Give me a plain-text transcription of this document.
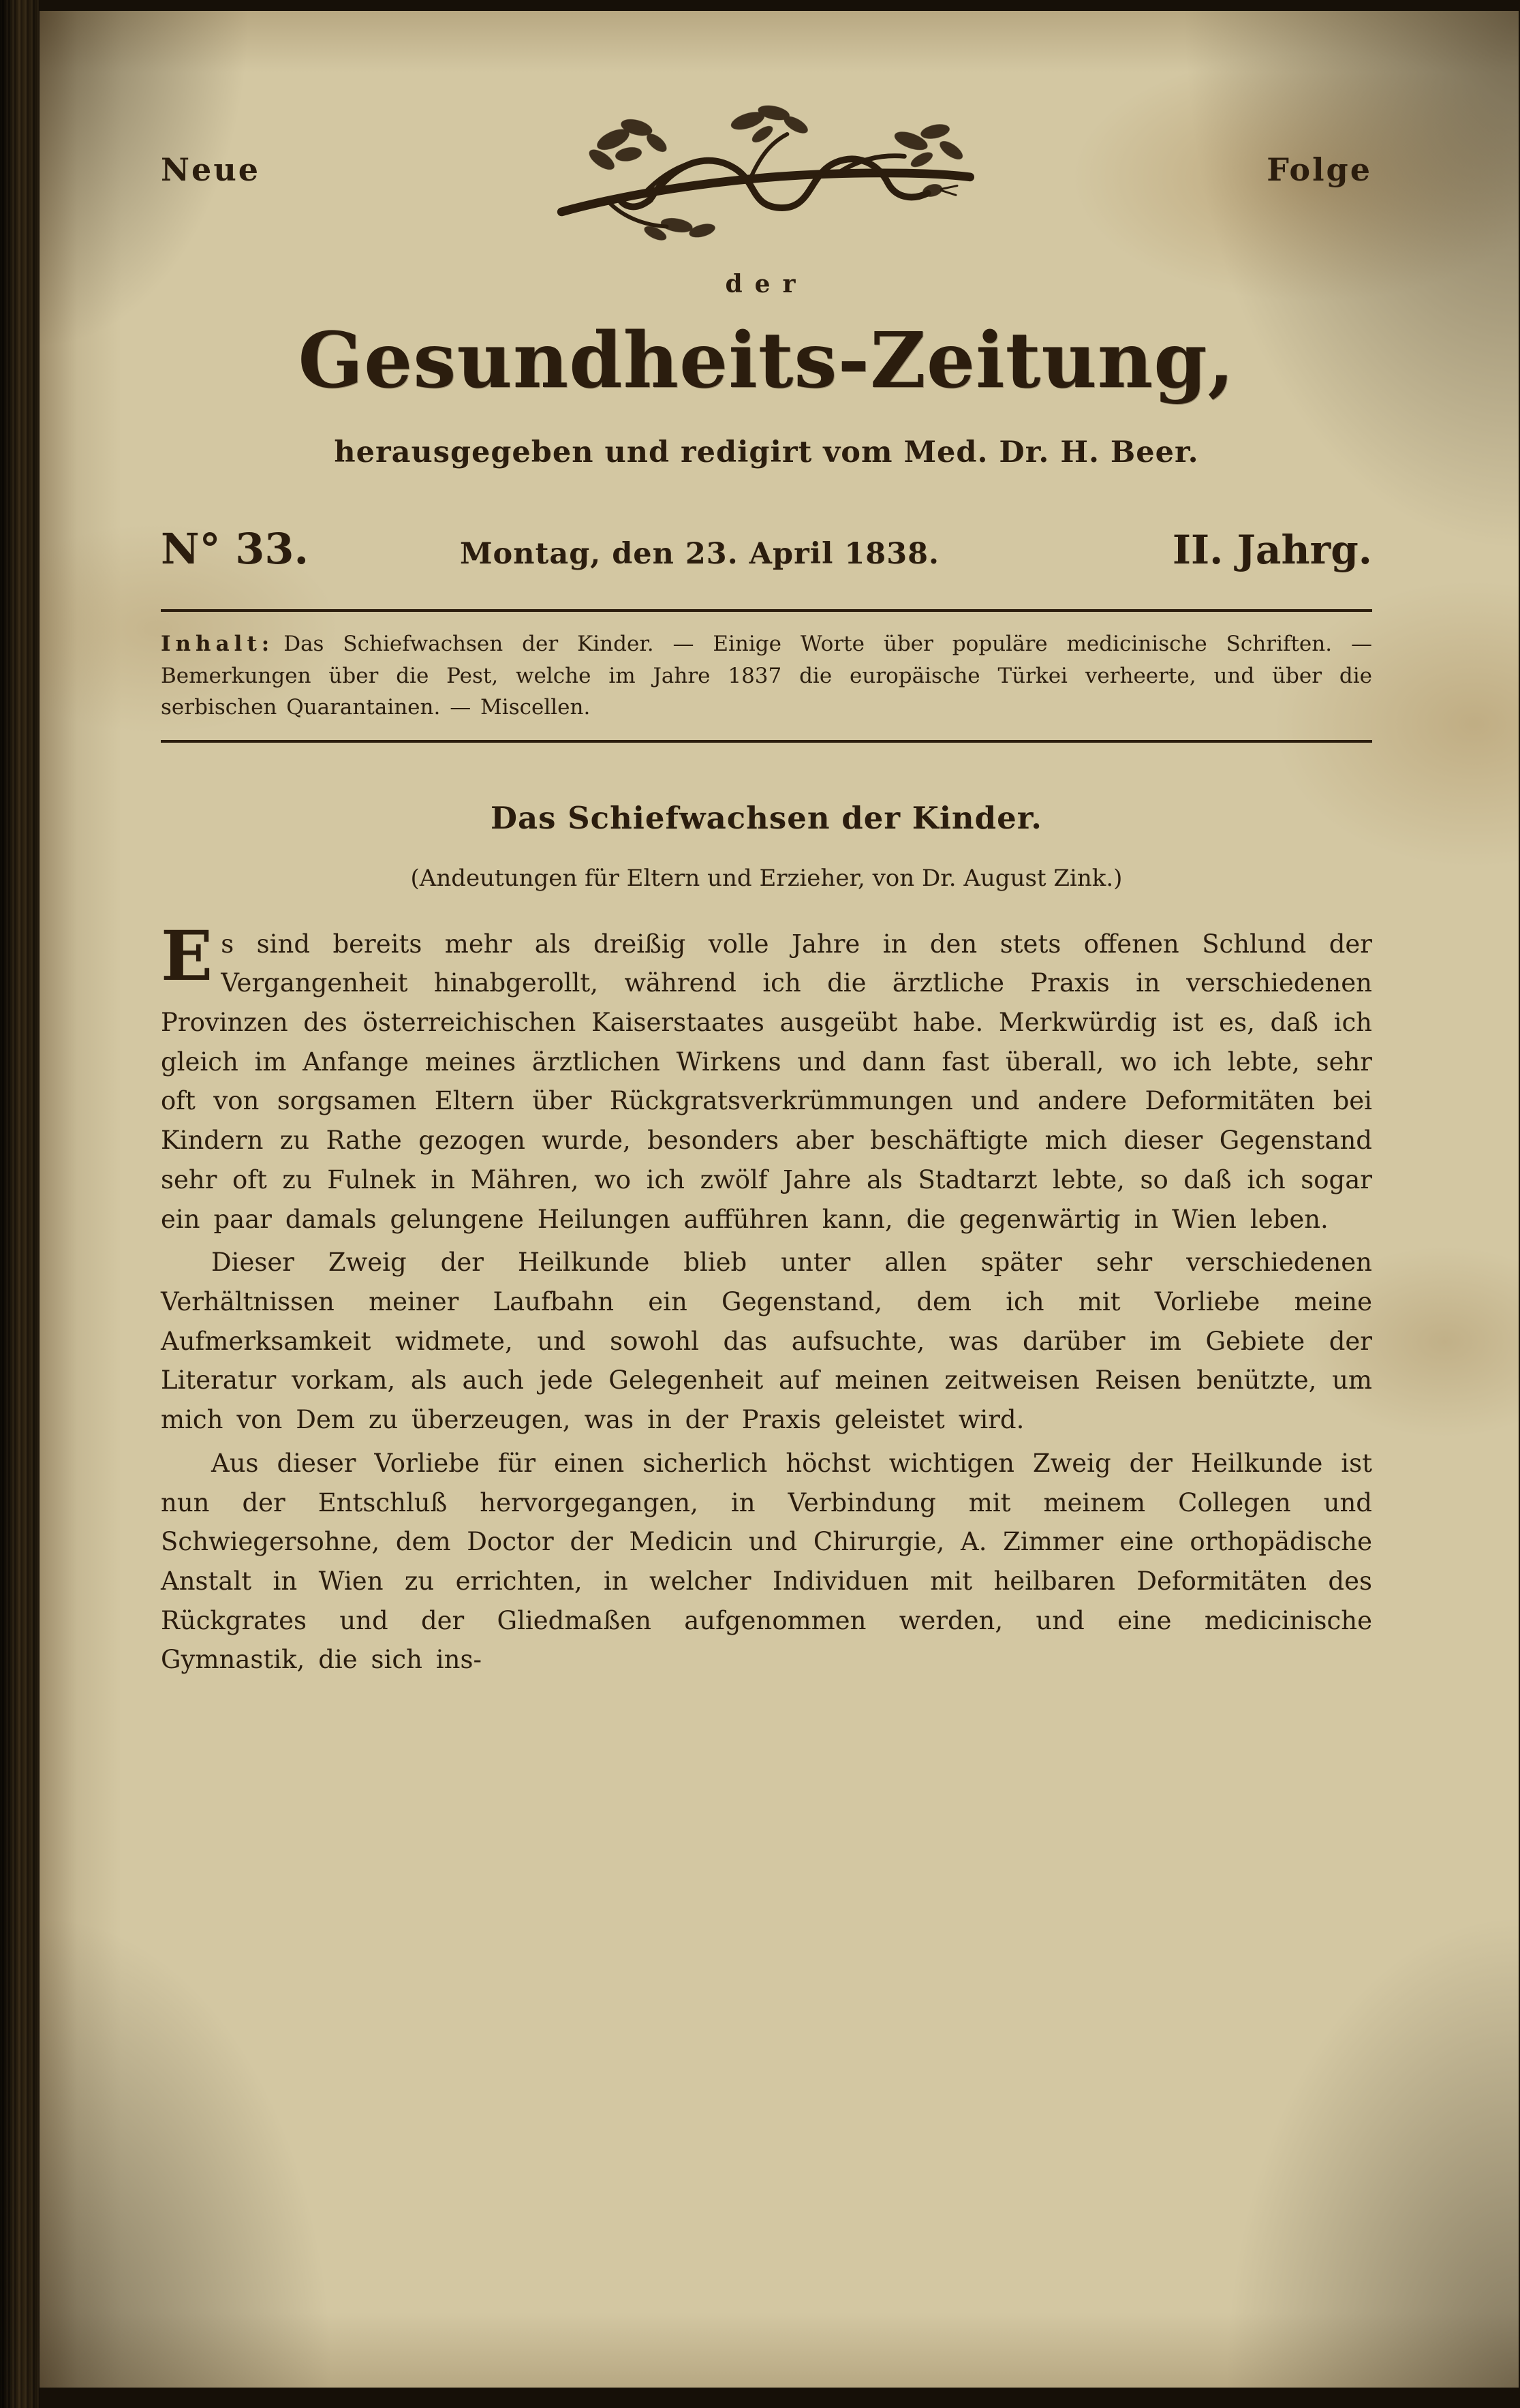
Neue	Folge
der
Gesundheits-Zeitung,
herausgegeben und redigirt vom Med. Dr. H. Beer.
N° 33.	Montag, den 23. April 1838.	II. Jahrg.

Inhalt: Das Schiefwachsen der Kinder. — Einige Worte über populäre medicinische Schriften. — Bemerkungen über die Pest, welche im Jahre 1837 die europäische Türkei verheerte, und über die serbischen Quarantainen. — Miscellen.

Das Schiefwachsen der Kinder.
(Andeutungen für Eltern und Erzieher, von Dr. August Zink.)

Es sind bereits mehr als dreißig volle Jahre in den stets offenen Schlund der Vergangenheit hinabgerollt, während ich die ärztliche Praxis in verschiedenen Provinzen des österreichischen Kaiserstaates ausgeübt habe. Merkwürdig ist es, daß ich gleich im Anfange meines ärztlichen Wirkens und dann fast überall, wo ich lebte, sehr oft von sorgsamen Eltern über Rückgratsverkrümmungen und andere Deformitäten bei Kindern zu Rathe gezogen wurde, besonders aber beschäftigte mich dieser Gegenstand sehr oft zu Fulnek in Mähren, wo ich zwölf Jahre als Stadtarzt lebte, so daß ich sogar ein paar damals gelungene Heilungen aufführen kann, die gegenwärtig in Wien leben.

Dieser Zweig der Heilkunde blieb unter allen später sehr verschiedenen Verhältnissen meiner Laufbahn ein Gegenstand, dem ich mit Vorliebe meine Aufmerksamkeit widmete, und sowohl das aufsuchte, was darüber im Gebiete der Literatur vorkam, als auch jede Gelegenheit auf meinen zeitweisen Reisen benützte, um mich von Dem zu überzeugen, was in der Praxis geleistet wird.

Aus dieser Vorliebe für einen sicherlich höchst wichtigen Zweig der Heilkunde ist nun der Entschluß hervorgegangen, in Verbindung mit meinem Collegen und Schwiegersohne, dem Doctor der Medicin und Chirurgie, A. Zimmer eine orthopädische Anstalt in Wien zu errichten, in welcher Individuen mit heilbaren Deformitäten des Rückgrates und der Gliedmaßen aufgenommen werden, und eine medicinische Gymnastik, die sich ins-
